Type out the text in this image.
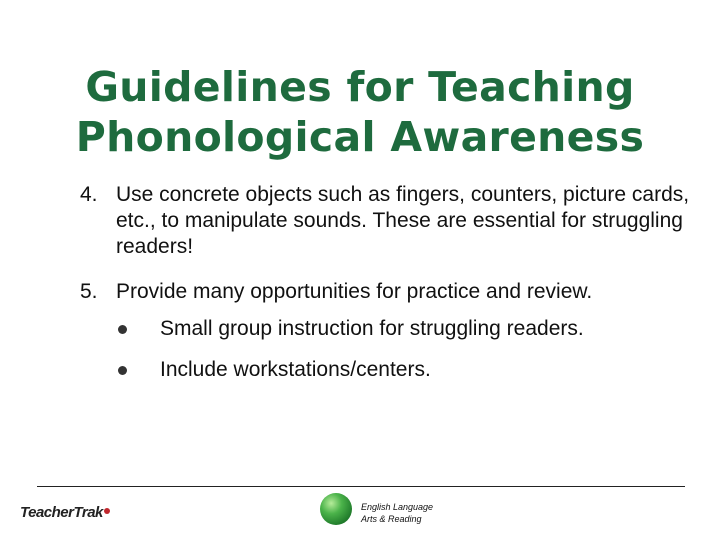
Guidelines for Teaching
Phonological Awareness
4. Use concrete objects such as fingers, counters, picture cards, etc., to manipulate sounds. These are essential for struggling readers!
5. Provide many opportunities for practice and review.
Small group instruction for struggling readers.
Include workstations/centers.
TeacherTrak	English Language
Arts & Reading
